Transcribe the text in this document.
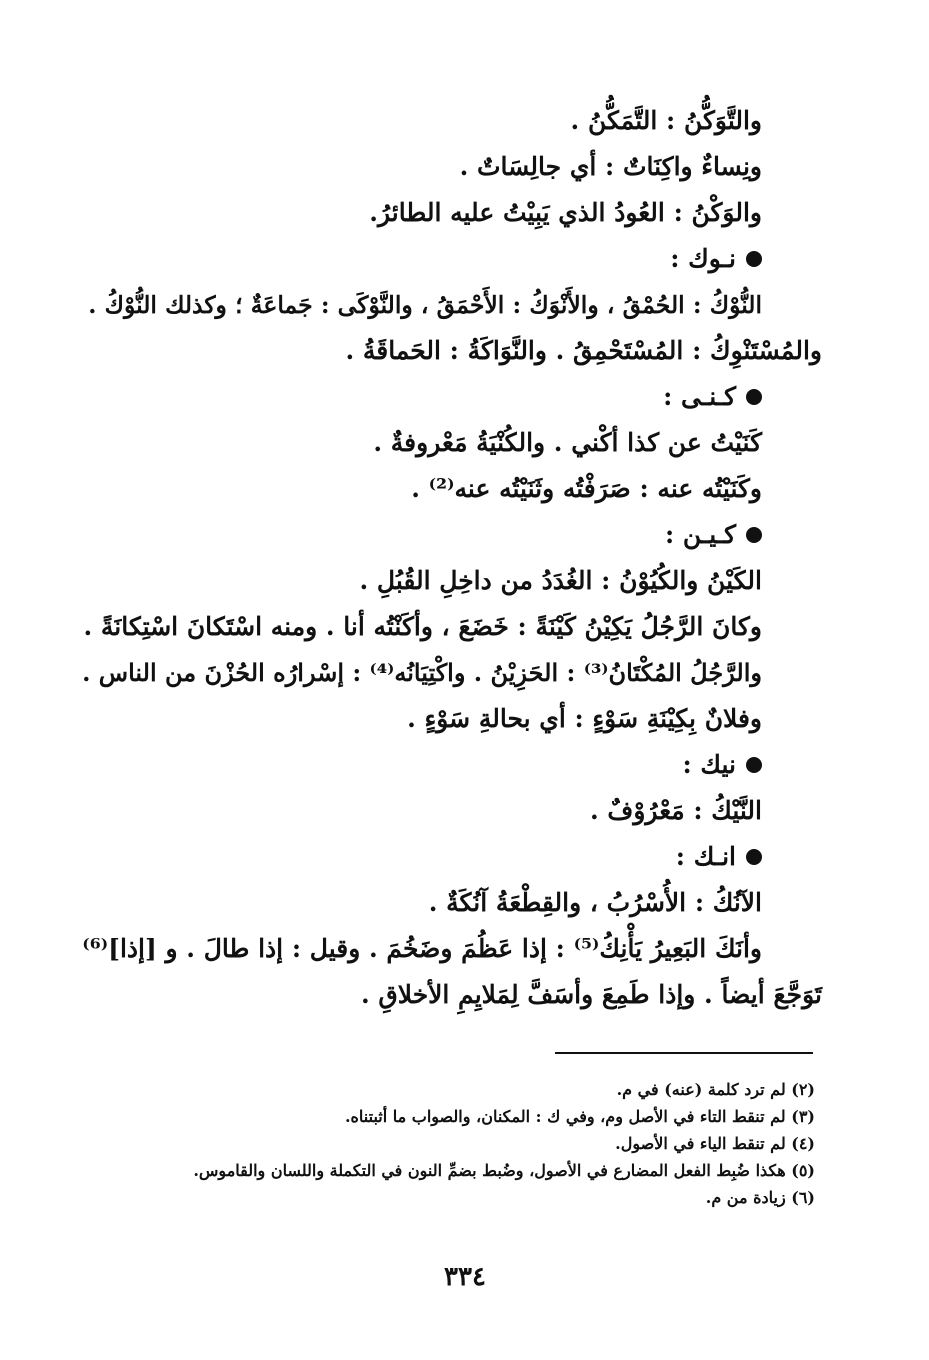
والتَّوَكُّنُ : التَّمَكُّنُ .
ونِساءٌ واكِنَاتٌ : أي جالِسَاتٌ .
والوَكْنُ : العُودُ الذي يَبِيْتُ عليه الطائرُ.
نـوك :
النُّوْكُ : الحُمْقُ ، والأَنْوَكُ : الأَحْمَقُ ، والنَّوْكَى : جَماعَةٌ ؛ وكذلك النُّوْكُ .
والمُسْتَنْوِكُ : المُسْتَحْمِقُ . والنَّوَاكَةُ : الحَماقَةُ .
كـنـى :
كَنَيْتُ عن كذا أكْني . والكُنْيَةُ مَعْروفةٌ .
وكَنَيْتُه عنه : صَرَفْتُه وثَنَيْتُه عنه⁽²⁾ .
كـيـن :
الكَيْنُ والكُيُوْنُ : الغُدَدُ من داخِلِ القُبُلِ .
وكانَ الرَّجُلُ يَكِيْنُ كَيْنَةً : خَضَعَ ، وأكَنْتُه أنا . ومنه اسْتَكانَ اسْتِكانَةً .
والرَّجُلُ المُكْتَانُ⁽³⁾ : الحَزِيْنُ . واكْتِيَانُه⁽⁴⁾ : إسْرارُه الحُزْنَ من الناس .
وفلانٌ بِكِيْنَةِ سَوْءٍ : أي بحالةِ سَوْءٍ .
نيك :
النَّيْكُ : مَعْرُوْفٌ .
انـك :
الآنُكُ : الأُسْرُبُ ، والقِطْعَةُ آنُكَةٌ .
وأنَكَ البَعِيرُ يَأْنِكُ⁽⁵⁾ : إذا عَظُمَ وضَخُمَ . وقيل : إذا طالَ . و [إذا]⁽⁶⁾
تَوَجَّعَ أيضاً . وإذا طَمِعَ وأسَفَّ لِمَلايِمِ الأخلاقِ .
(٢) لم ترد كلمة (عنه) في م.
(٣) لم تنقط التاء في الأصل وم، وفي ك : المكنان، والصواب ما أثبتناه.
(٤) لم تنقط الياء في الأصول.
(٥) هكذا ضُبِط الفعل المضارع في الأصول، وضُبط بضمِّ النون في التكملة واللسان والقاموس.
(٦) زيادة من م.
٣٣٤
